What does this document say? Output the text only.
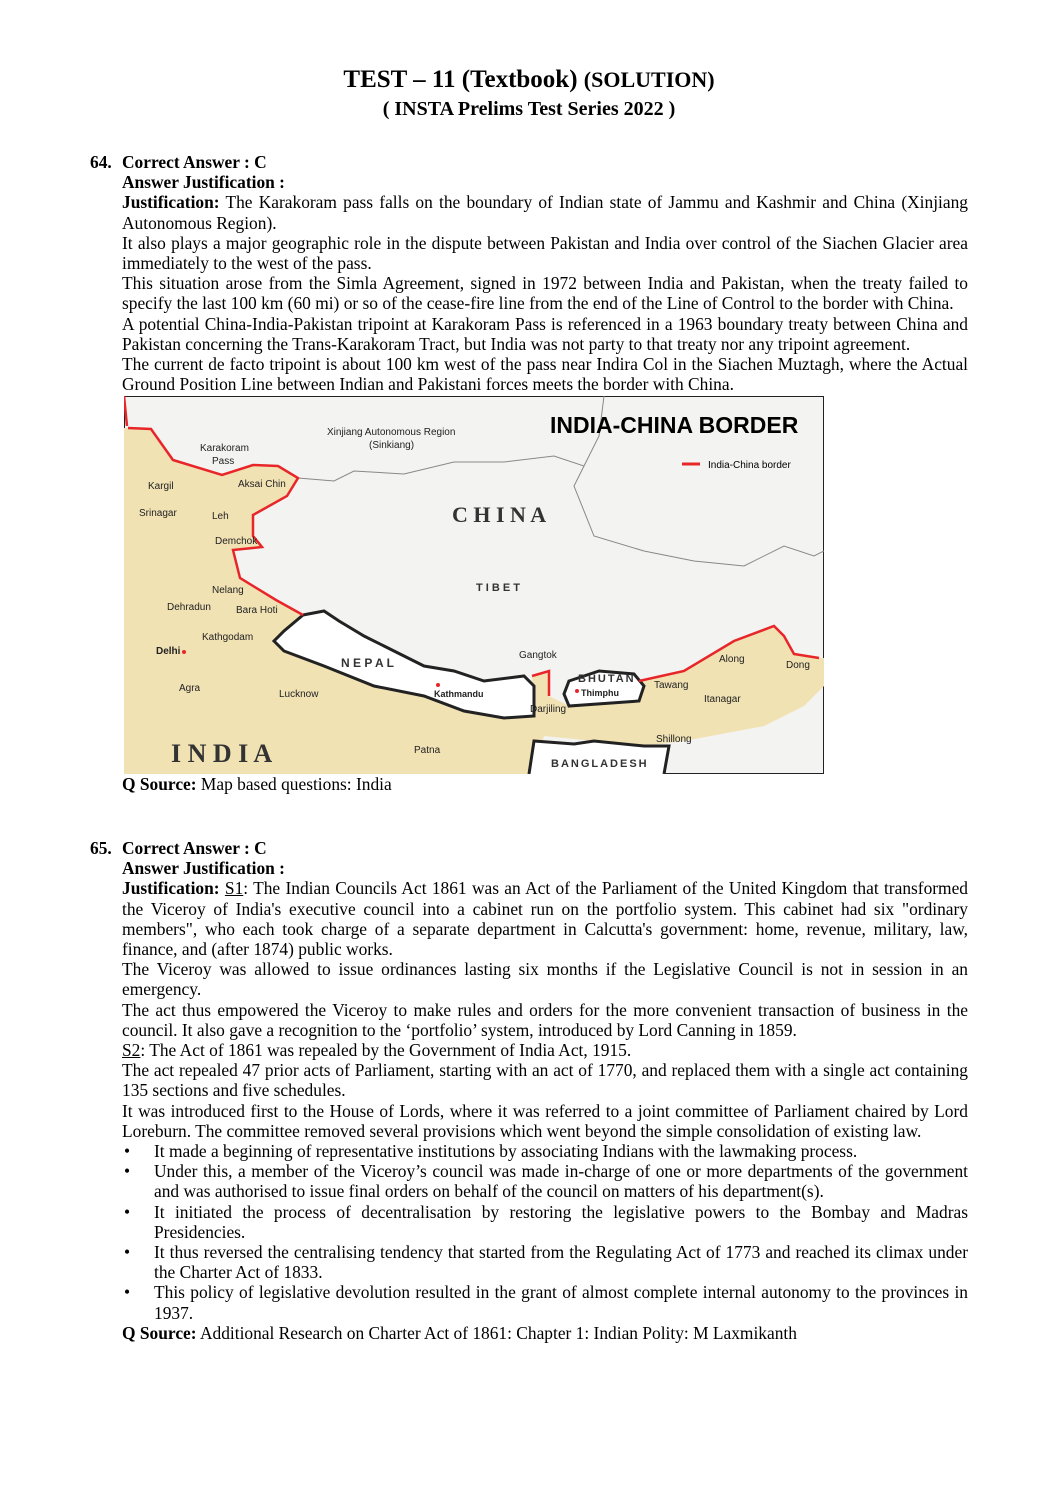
TEST – 11 (Textbook) (SOLUTION)
( INSTA Prelims Test Series 2022 )
64. Correct Answer : C
Answer Justification :

Justification: The Karakoram pass falls on the boundary of Indian state of Jammu and Kashmir and China (Xinjiang Autonomous Region).

It also plays a major geographic role in the dispute between Pakistan and India over control of the Siachen Glacier area immediately to the west of the pass.

This situation arose from the Simla Agreement, signed in 1972 between India and Pakistan, when the treaty failed to specify the last 100 km (60 mi) or so of the cease-fire line from the end of the Line of Control to the border with China.

A potential China-India-Pakistan tripoint at Karakoram Pass is referenced in a 1963 boundary treaty between China and Pakistan concerning the Trans-Karakoram Tract, but India was not party to that treaty nor any tripoint agreement.

The current de facto tripoint is about 100 km west of the pass near Indira Col in the Siachen Muztagh, where the Actual Ground Position Line between Indian and Pakistani forces meets the border with China.

INDIA-CHINA BORDER
India-China border
Xinjiang Autonomous Region
(Sinkiang)
Karakoram
Pass
Aksai Chin
Kargil
Srinagar	Leh
Demchok
Nelang
Dehradun	Bara Hoti
Kathgodam
Delhi
Agra
Lucknow	Kathmandu
Gangtok
Darjiling
Thimphu
Tawang
Along
Dong
Itanagar
Shillong
Patna
C H I N A
T I B E T
N E P A L
BHUTAN
I N D I A	BANGLADESH

Q Source: Map based questions: India

65. Correct Answer : C
Answer Justification :

Justification: S1: The Indian Councils Act 1861 was an Act of the Parliament of the United Kingdom that transformed the Viceroy of India's executive council into a cabinet run on the portfolio system. This cabinet had six "ordinary members", who each took charge of a separate department in Calcutta's government: home, revenue, military, law, finance, and (after 1874) public works.

The Viceroy was allowed to issue ordinances lasting six months if the Legislative Council is not in session in an emergency.

The act thus empowered the Viceroy to make rules and orders for the more convenient transaction of business in the council. It also gave a recognition to the ‘portfolio’ system, introduced by Lord Canning in 1859.

S2: The Act of 1861 was repealed by the Government of India Act, 1915.

The act repealed 47 prior acts of Parliament, starting with an act of 1770, and replaced them with a single act containing 135 sections and five schedules.

It was introduced first to the House of Lords, where it was referred to a joint committee of Parliament chaired by Lord Loreburn. The committee removed several provisions which went beyond the simple consolidation of existing law.

• It made a beginning of representative institutions by associating Indians with the lawmaking process.
• Under this, a member of the Viceroy’s council was made in-charge of one or more departments of the government and was authorised to issue final orders on behalf of the council on matters of his department(s).
• It initiated the process of decentralisation by restoring the legislative powers to the Bombay and Madras Presidencies.
• It thus reversed the centralising tendency that started from the Regulating Act of 1773 and reached its climax under the Charter Act of 1833.
• This policy of legislative devolution resulted in the grant of almost complete internal autonomy to the provinces in 1937.

Q Source: Additional Research on Charter Act of 1861: Chapter 1: Indian Polity: M Laxmikanth
